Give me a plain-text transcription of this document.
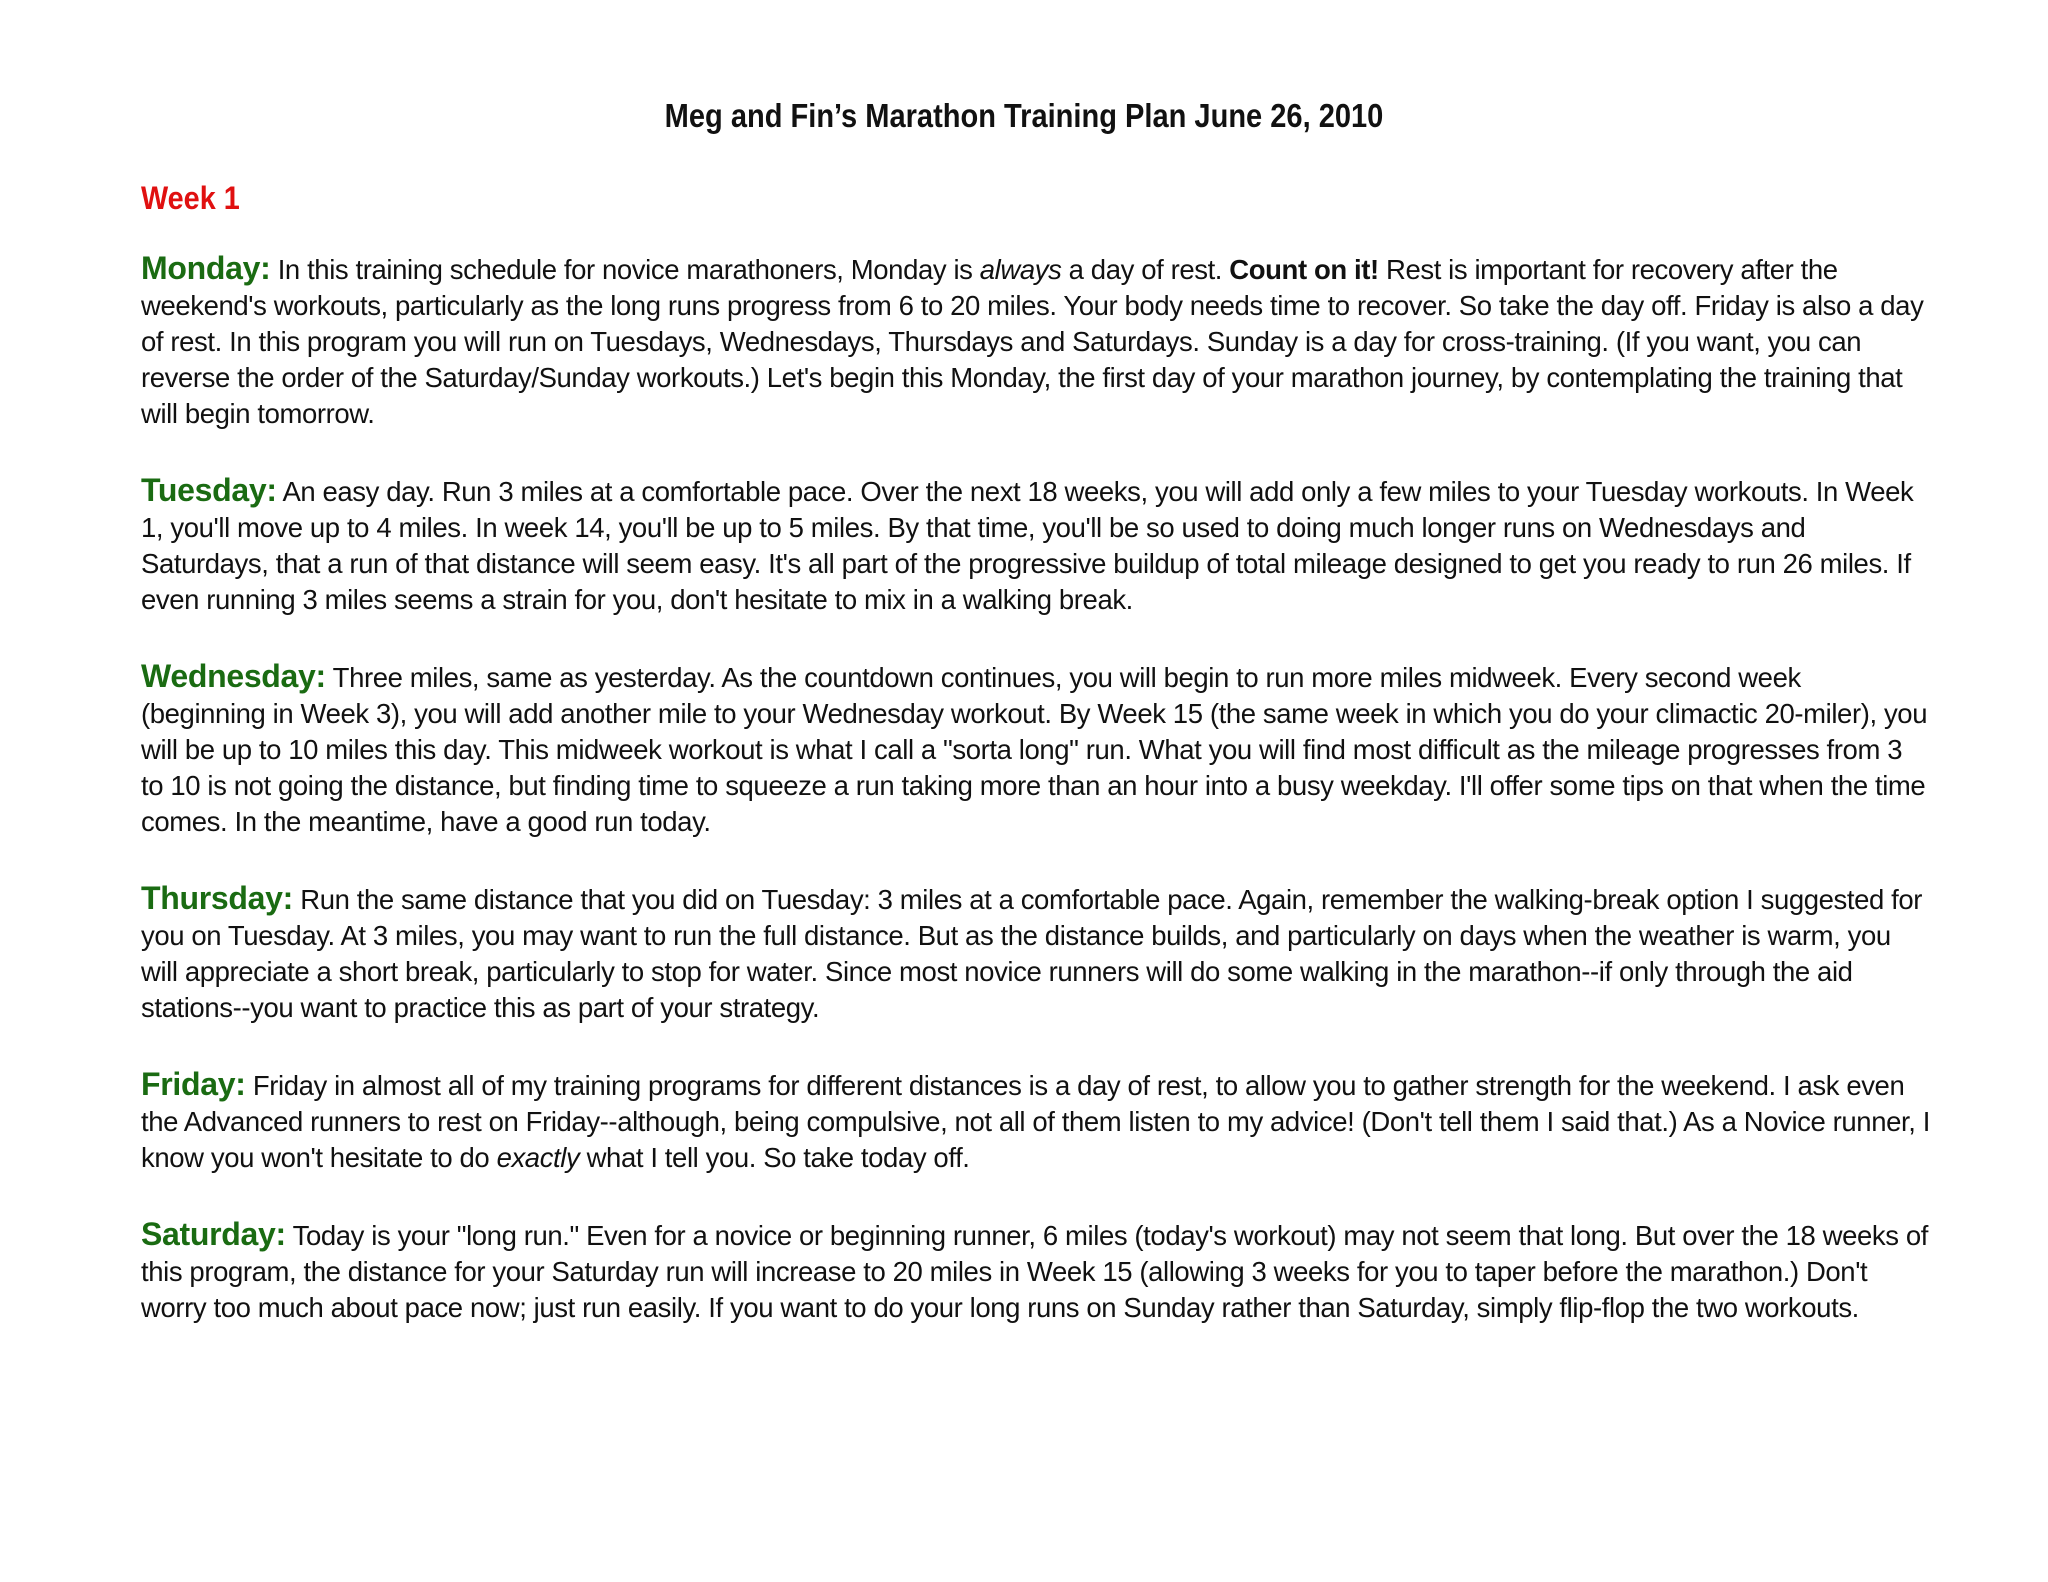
Meg and Fin’s Marathon Training Plan June 26, 2010
Week 1

Monday: In this training schedule for novice marathoners, Monday is always a day of rest. Count on it! Rest is important for recovery after the weekend's workouts, particularly as the long runs progress from 6 to 20 miles. Your body needs time to recover. So take the day off. Friday is also a day of rest. In this program you will run on Tuesdays, Wednesdays, Thursdays and Saturdays. Sunday is a day for cross-training. (If you want, you can reverse the order of the Saturday/Sunday workouts.) Let's begin this Monday, the first day of your marathon journey, by contemplating the training that will begin tomorrow.

Tuesday: An easy day. Run 3 miles at a comfortable pace. Over the next 18 weeks, you will add only a few miles to your Tuesday workouts. In Week 1, you'll move up to 4 miles. In week 14, you'll be up to 5 miles. By that time, you'll be so used to doing much longer runs on Wednesdays and Saturdays, that a run of that distance will seem easy. It's all part of the progressive buildup of total mileage designed to get you ready to run 26 miles. If even running 3 miles seems a strain for you, don't hesitate to mix in a walking break.

Wednesday: Three miles, same as yesterday. As the countdown continues, you will begin to run more miles midweek. Every second week (beginning in Week 3), you will add another mile to your Wednesday workout. By Week 15 (the same week in which you do your climactic 20-miler), you will be up to 10 miles this day. This midweek workout is what I call a "sorta long" run. What you will find most difficult as the mileage progresses from 3 to 10 is not going the distance, but finding time to squeeze a run taking more than an hour into a busy weekday. I'll offer some tips on that when the time comes. In the meantime, have a good run today.

Thursday: Run the same distance that you did on Tuesday: 3 miles at a comfortable pace. Again, remember the walking-break option I suggested for you on Tuesday. At 3 miles, you may want to run the full distance. But as the distance builds, and particularly on days when the weather is warm, you will appreciate a short break, particularly to stop for water. Since most novice runners will do some walking in the marathon--if only through the aid stations--you want to practice this as part of your strategy.

Friday: Friday in almost all of my training programs for different distances is a day of rest, to allow you to gather strength for the weekend. I ask even the Advanced runners to rest on Friday--although, being compulsive, not all of them listen to my advice! (Don't tell them I said that.) As a Novice runner, I know you won't hesitate to do exactly what I tell you. So take today off.

Saturday: Today is your "long run." Even for a novice or beginning runner, 6 miles (today's workout) may not seem that long. But over the 18 weeks of this program, the distance for your Saturday run will increase to 20 miles in Week 15 (allowing 3 weeks for you to taper before the marathon.) Don't worry too much about pace now; just run easily. If you want to do your long runs on Sunday rather than Saturday, simply flip-flop the two workouts.
